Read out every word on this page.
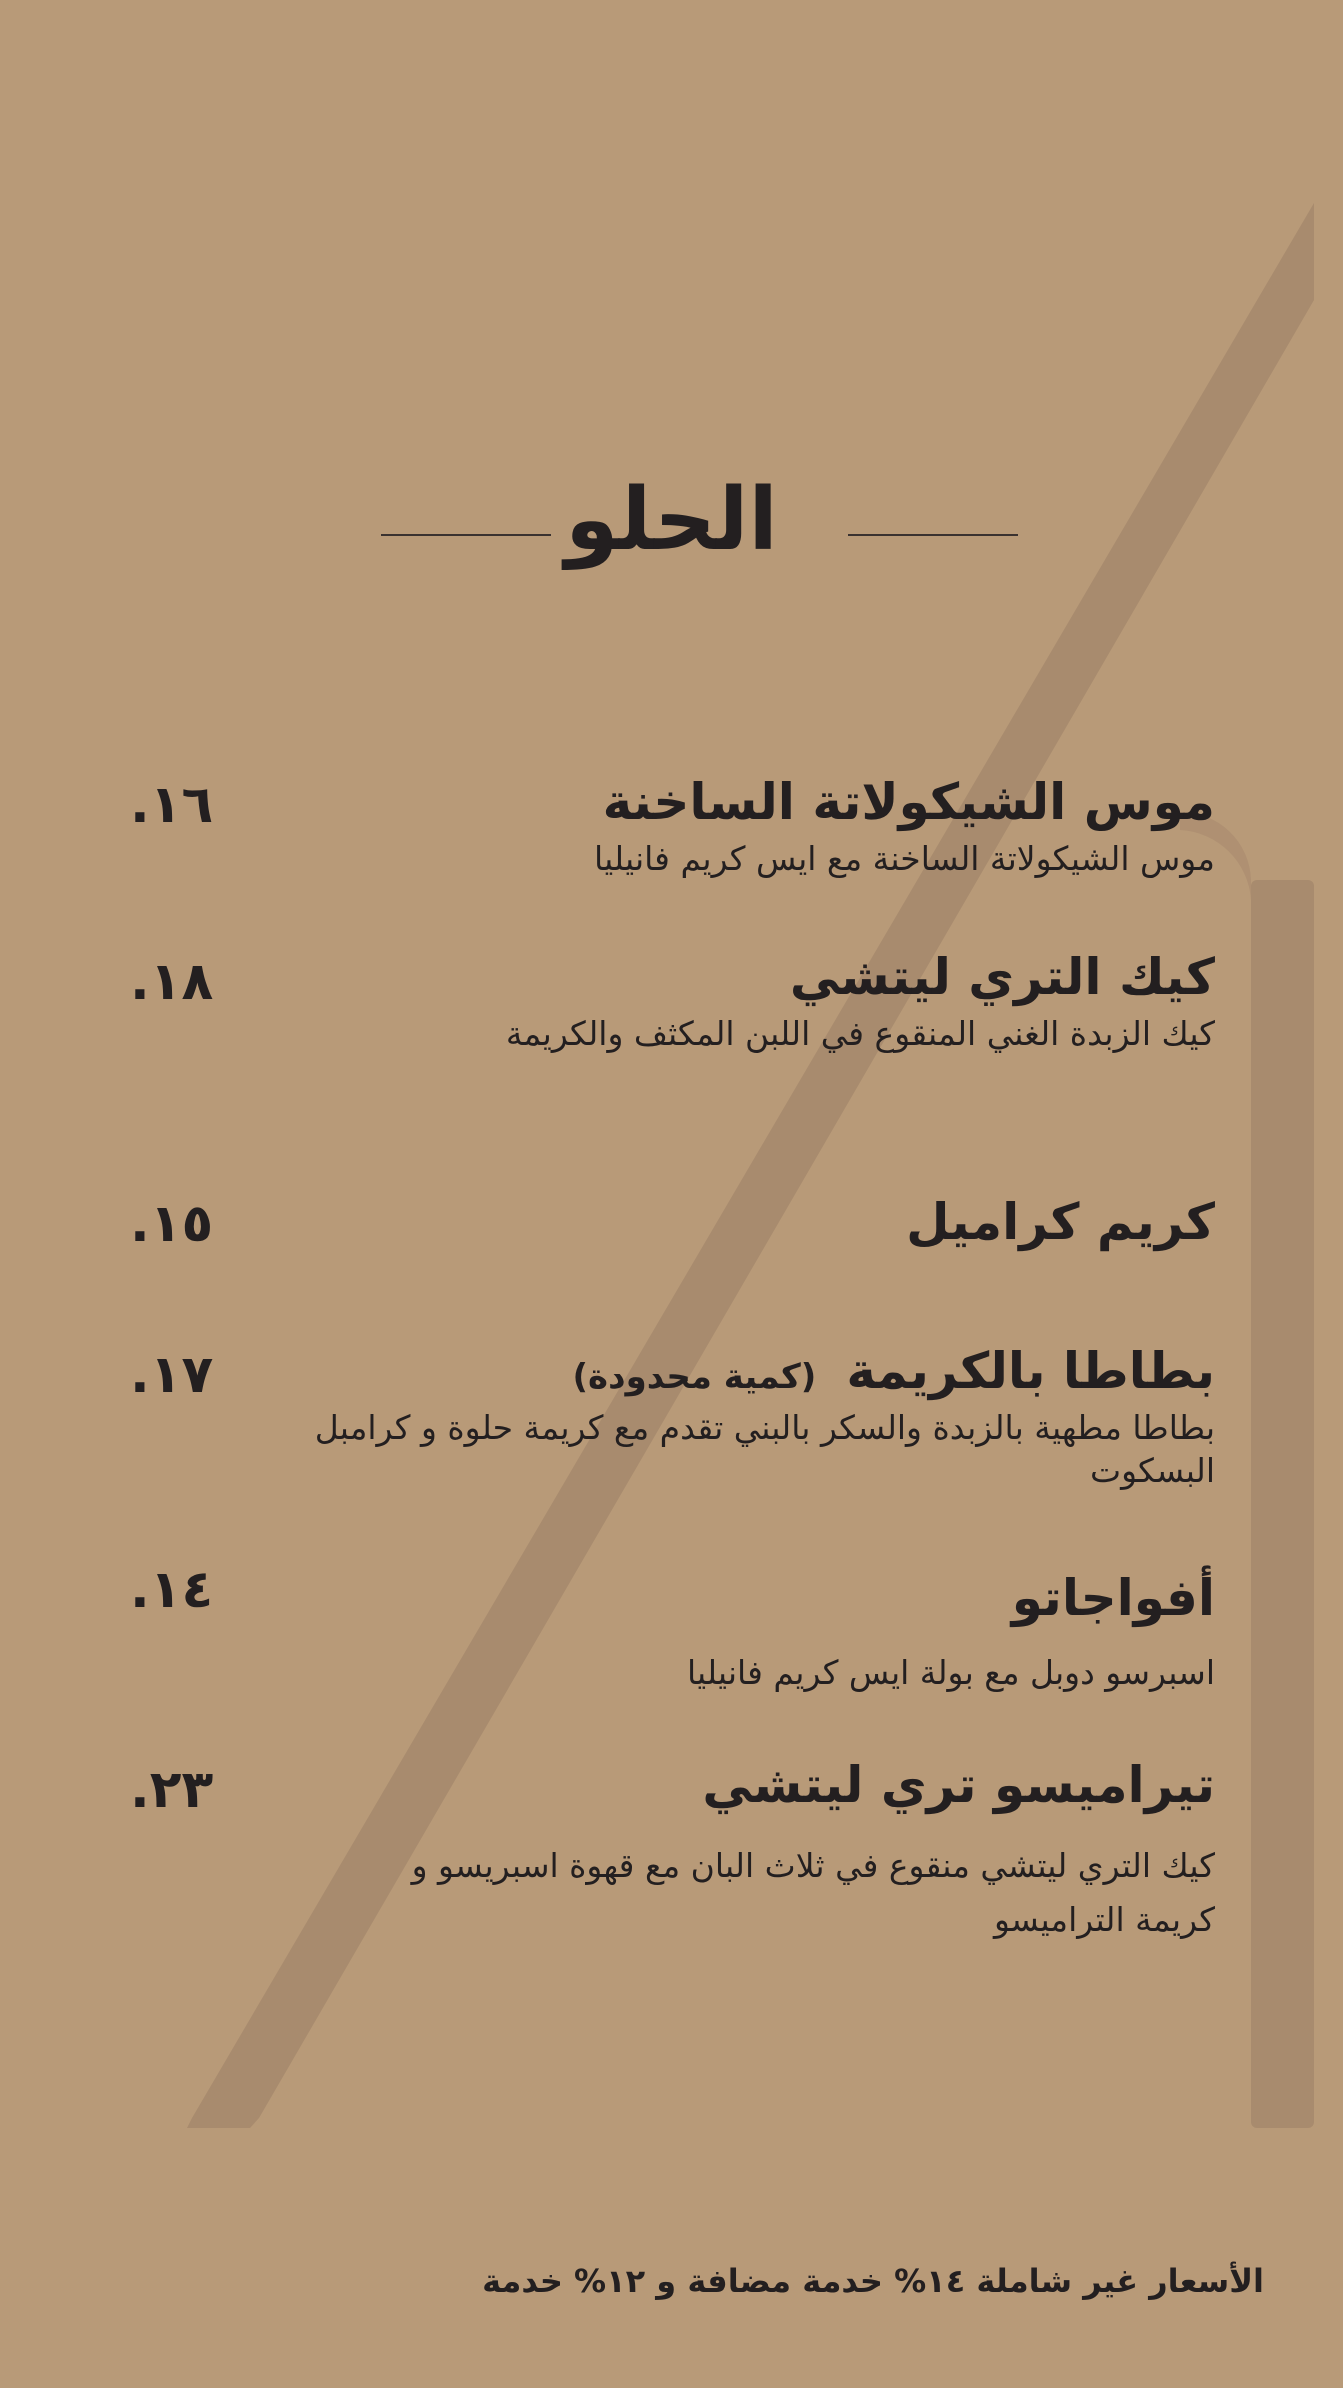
الحلو
موس الشيكولاتة الساخنة
موس الشيكولاتة الساخنة مع ايس كريم فانيليا
١٦.
كيك التري ليتشي
كيك الزبدة الغني المنقوع في اللبن المكثف والكريمة
١٨.
كريم كراميل
١٥.
بطاطا بالكريمة(كمية محدودة)
بطاطا مطهية بالزبدة والسكر بالبني تقدم مع كريمة حلوة و كرامبل البسكوت
١٧.
أفواجاتو
اسبرسو دوبل مع بولة ايس كريم فانيليا
١٤.
تيراميسو تري ليتشي
كيك التري ليتشي منقوع في ثلاث البان مع قهوة اسبريسو و كريمة التراميسو
٢٣.
الأسعار غير شاملة ١٤% خدمة مضافة و ١٢% خدمة
